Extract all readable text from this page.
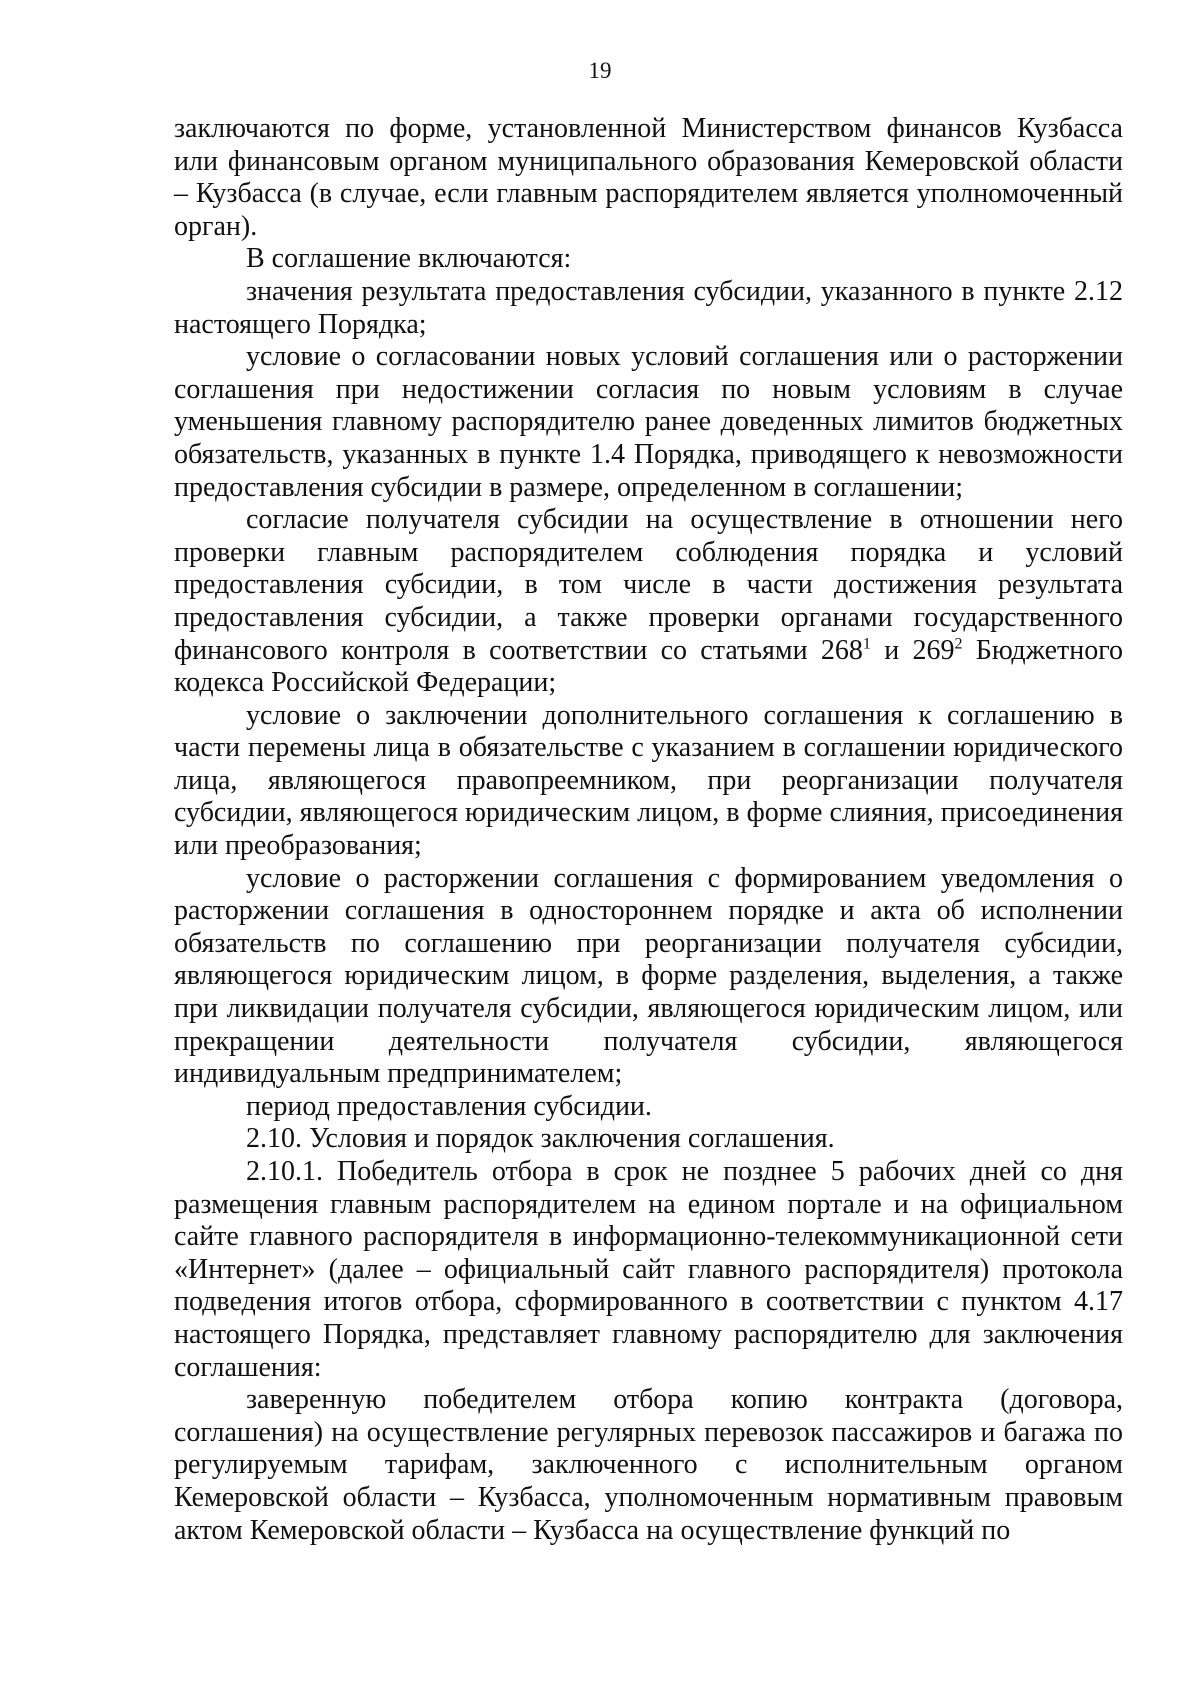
19

заключаются по форме, установленной Министерством финансов Кузбасса или финансовым органом муниципального образования Кемеровской области – Кузбасса (в случае, если главным распорядителем является уполномоченный орган).

В соглашение включаются:

значения результата предоставления субсидии, указанного в пункте 2.12 настоящего Порядка;

условие о согласовании новых условий соглашения или о расторжении соглашения при недостижении согласия по новым условиям в случае уменьшения главному распорядителю ранее доведенных лимитов бюджетных обязательств, указанных в пункте 1.4 Порядка, приводящего к невозможности предоставления субсидии в размере, определенном в соглашении;

согласие получателя субсидии на осуществление в отношении него проверки главным распорядителем соблюдения порядка и условий предоставления субсидии, в том числе в части достижения результата предоставления субсидии, а также проверки органами государственного финансового контроля в соответствии со статьями $268^1$ и $269^2$ Бюджетного кодекса Российской Федерации;

условие о заключении дополнительного соглашения к соглашению в части перемены лица в обязательстве с указанием в соглашении юридического лица, являющегося правопреемником, при реорганизации получателя субсидии, являющегося юридическим лицом, в форме слияния, присоединения или преобразования;

условие о расторжении соглашения с формированием уведомления о расторжении соглашения в одностороннем порядке и акта об исполнении обязательств по соглашению при реорганизации получателя субсидии, являющегося юридическим лицом, в форме разделения, выделения, а также при ликвидации получателя субсидии, являющегося юридическим лицом, или прекращении деятельности получателя субсидии, являющегося индивидуальным предпринимателем;

период предоставления субсидии.

2.10. Условия и порядок заключения соглашения.

2.10.1. Победитель отбора в срок не позднее 5 рабочих дней со дня размещения главным распорядителем на едином портале и на официальном сайте главного распорядителя в информационно-телекоммуникационной сети «Интернет» (далее – официальный сайт главного распорядителя) протокола подведения итогов отбора, сформированного в соответствии с пунктом 4.17 настоящего Порядка, представляет главному распорядителю для заключения соглашения:

заверенную победителем отбора копию контракта (договора, соглашения) на осуществление регулярных перевозок пассажиров и багажа по регулируемым тарифам, заключенного с исполнительным органом Кемеровской области – Кузбасса, уполномоченным нормативным правовым актом Кемеровской области – Кузбасса на осуществление функций по
